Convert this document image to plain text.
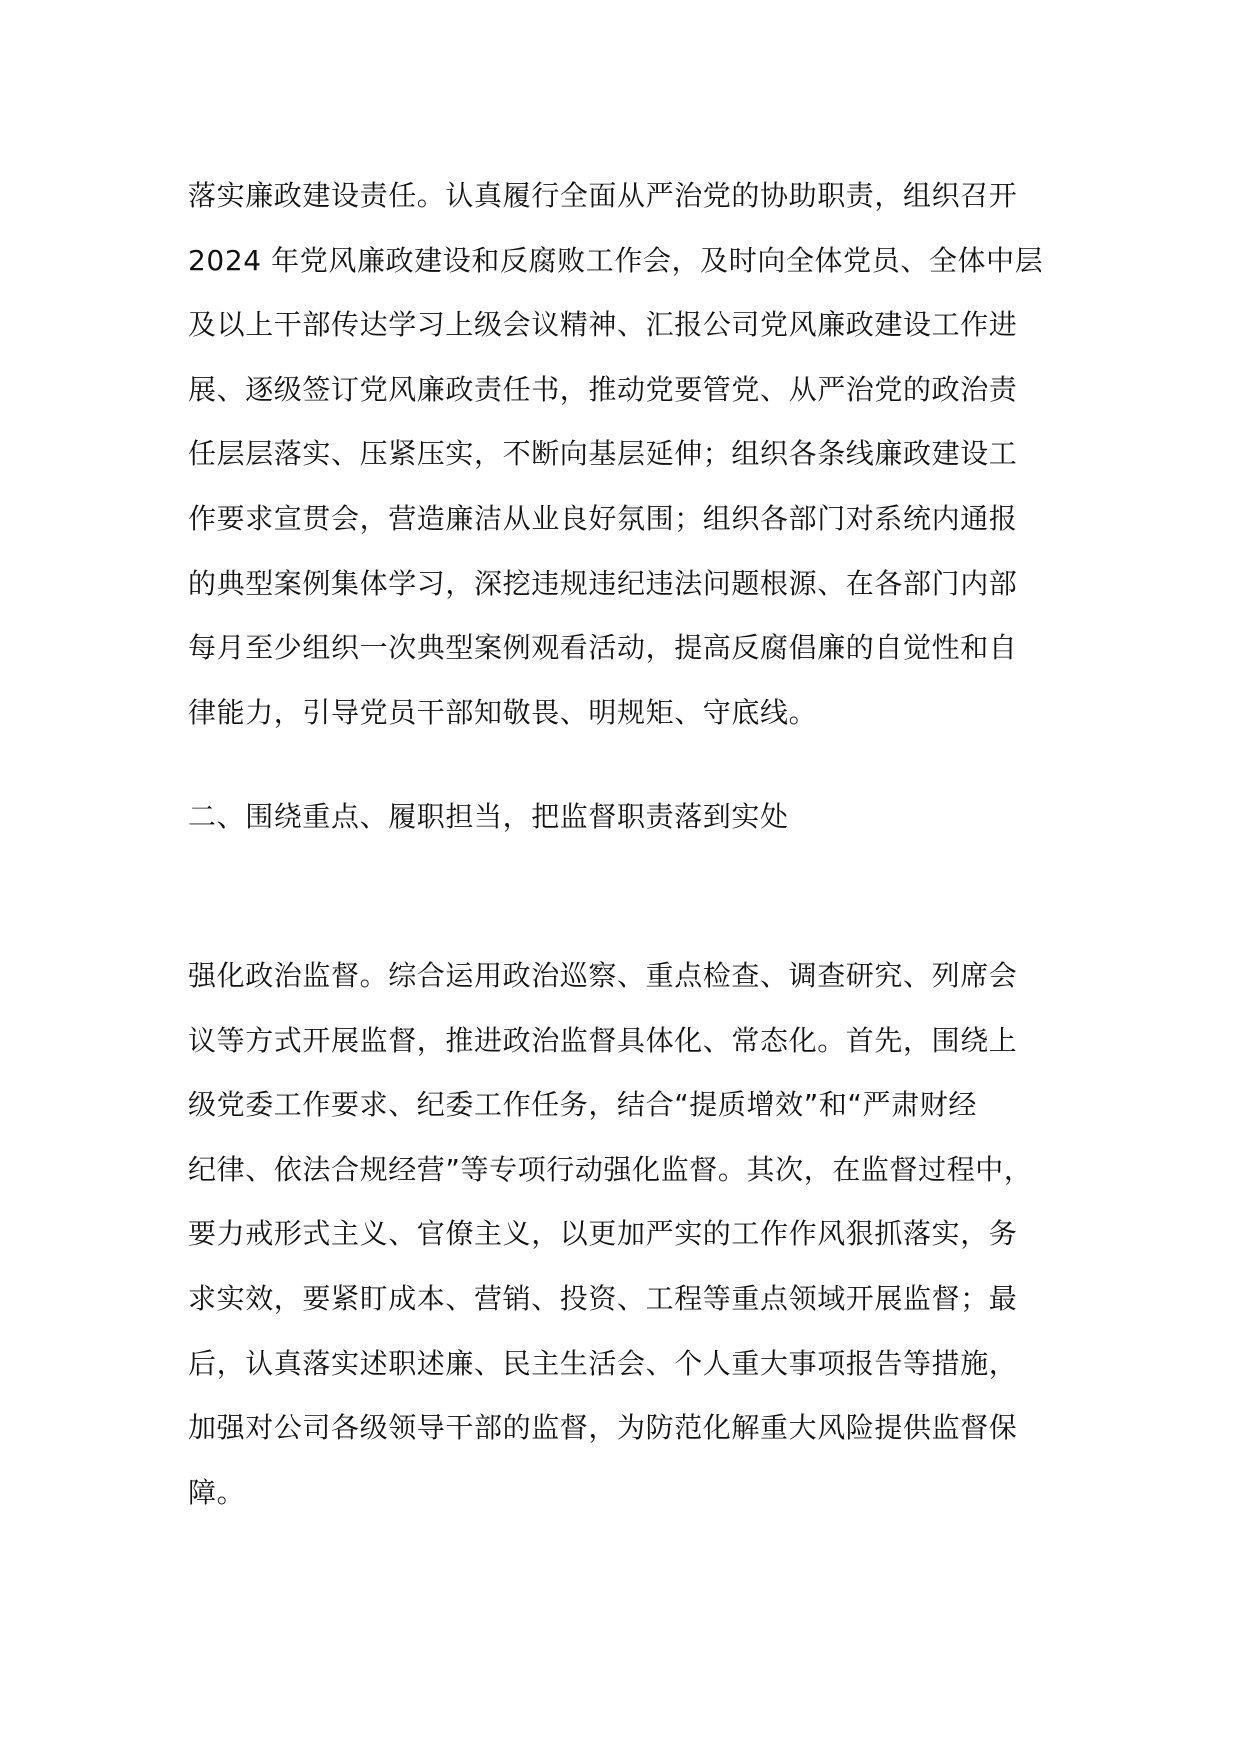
落实廉政建设责任。认真履行全面从严治党的协助职责，组织召开
2024 年党风廉政建设和反腐败工作会，及时向全体党员、全体中层
及以上干部传达学习上级会议精神、汇报公司党风廉政建设工作进
展、逐级签订党风廉政责任书，推动党要管党、从严治党的政治责
任层层落实、压紧压实，不断向基层延伸；组织各条线廉政建设工
作要求宣贯会，营造廉洁从业良好氛围；组织各部门对系统内通报
的典型案例集体学习，深挖违规违纪违法问题根源、在各部门内部
每月至少组织一次典型案例观看活动，提高反腐倡廉的自觉性和自
律能力，引导党员干部知敬畏、明规矩、守底线。
二、围绕重点、履职担当，把监督职责落到实处
强化政治监督。综合运用政治巡察、重点检查、调查研究、列席会
议等方式开展监督，推进政治监督具体化、常态化。首先，围绕上
级党委工作要求、纪委工作任务，结合“提质增效”和“严肃财经
纪律、依法合规经营”等专项行动强化监督。其次，在监督过程中，
要力戒形式主义、官僚主义，以更加严实的工作作风狠抓落实，务
求实效，要紧盯成本、营销、投资、工程等重点领域开展监督；最
后，认真落实述职述廉、民主生活会、个人重大事项报告等措施，
加强对公司各级领导干部的监督，为防范化解重大风险提供监督保
障。
